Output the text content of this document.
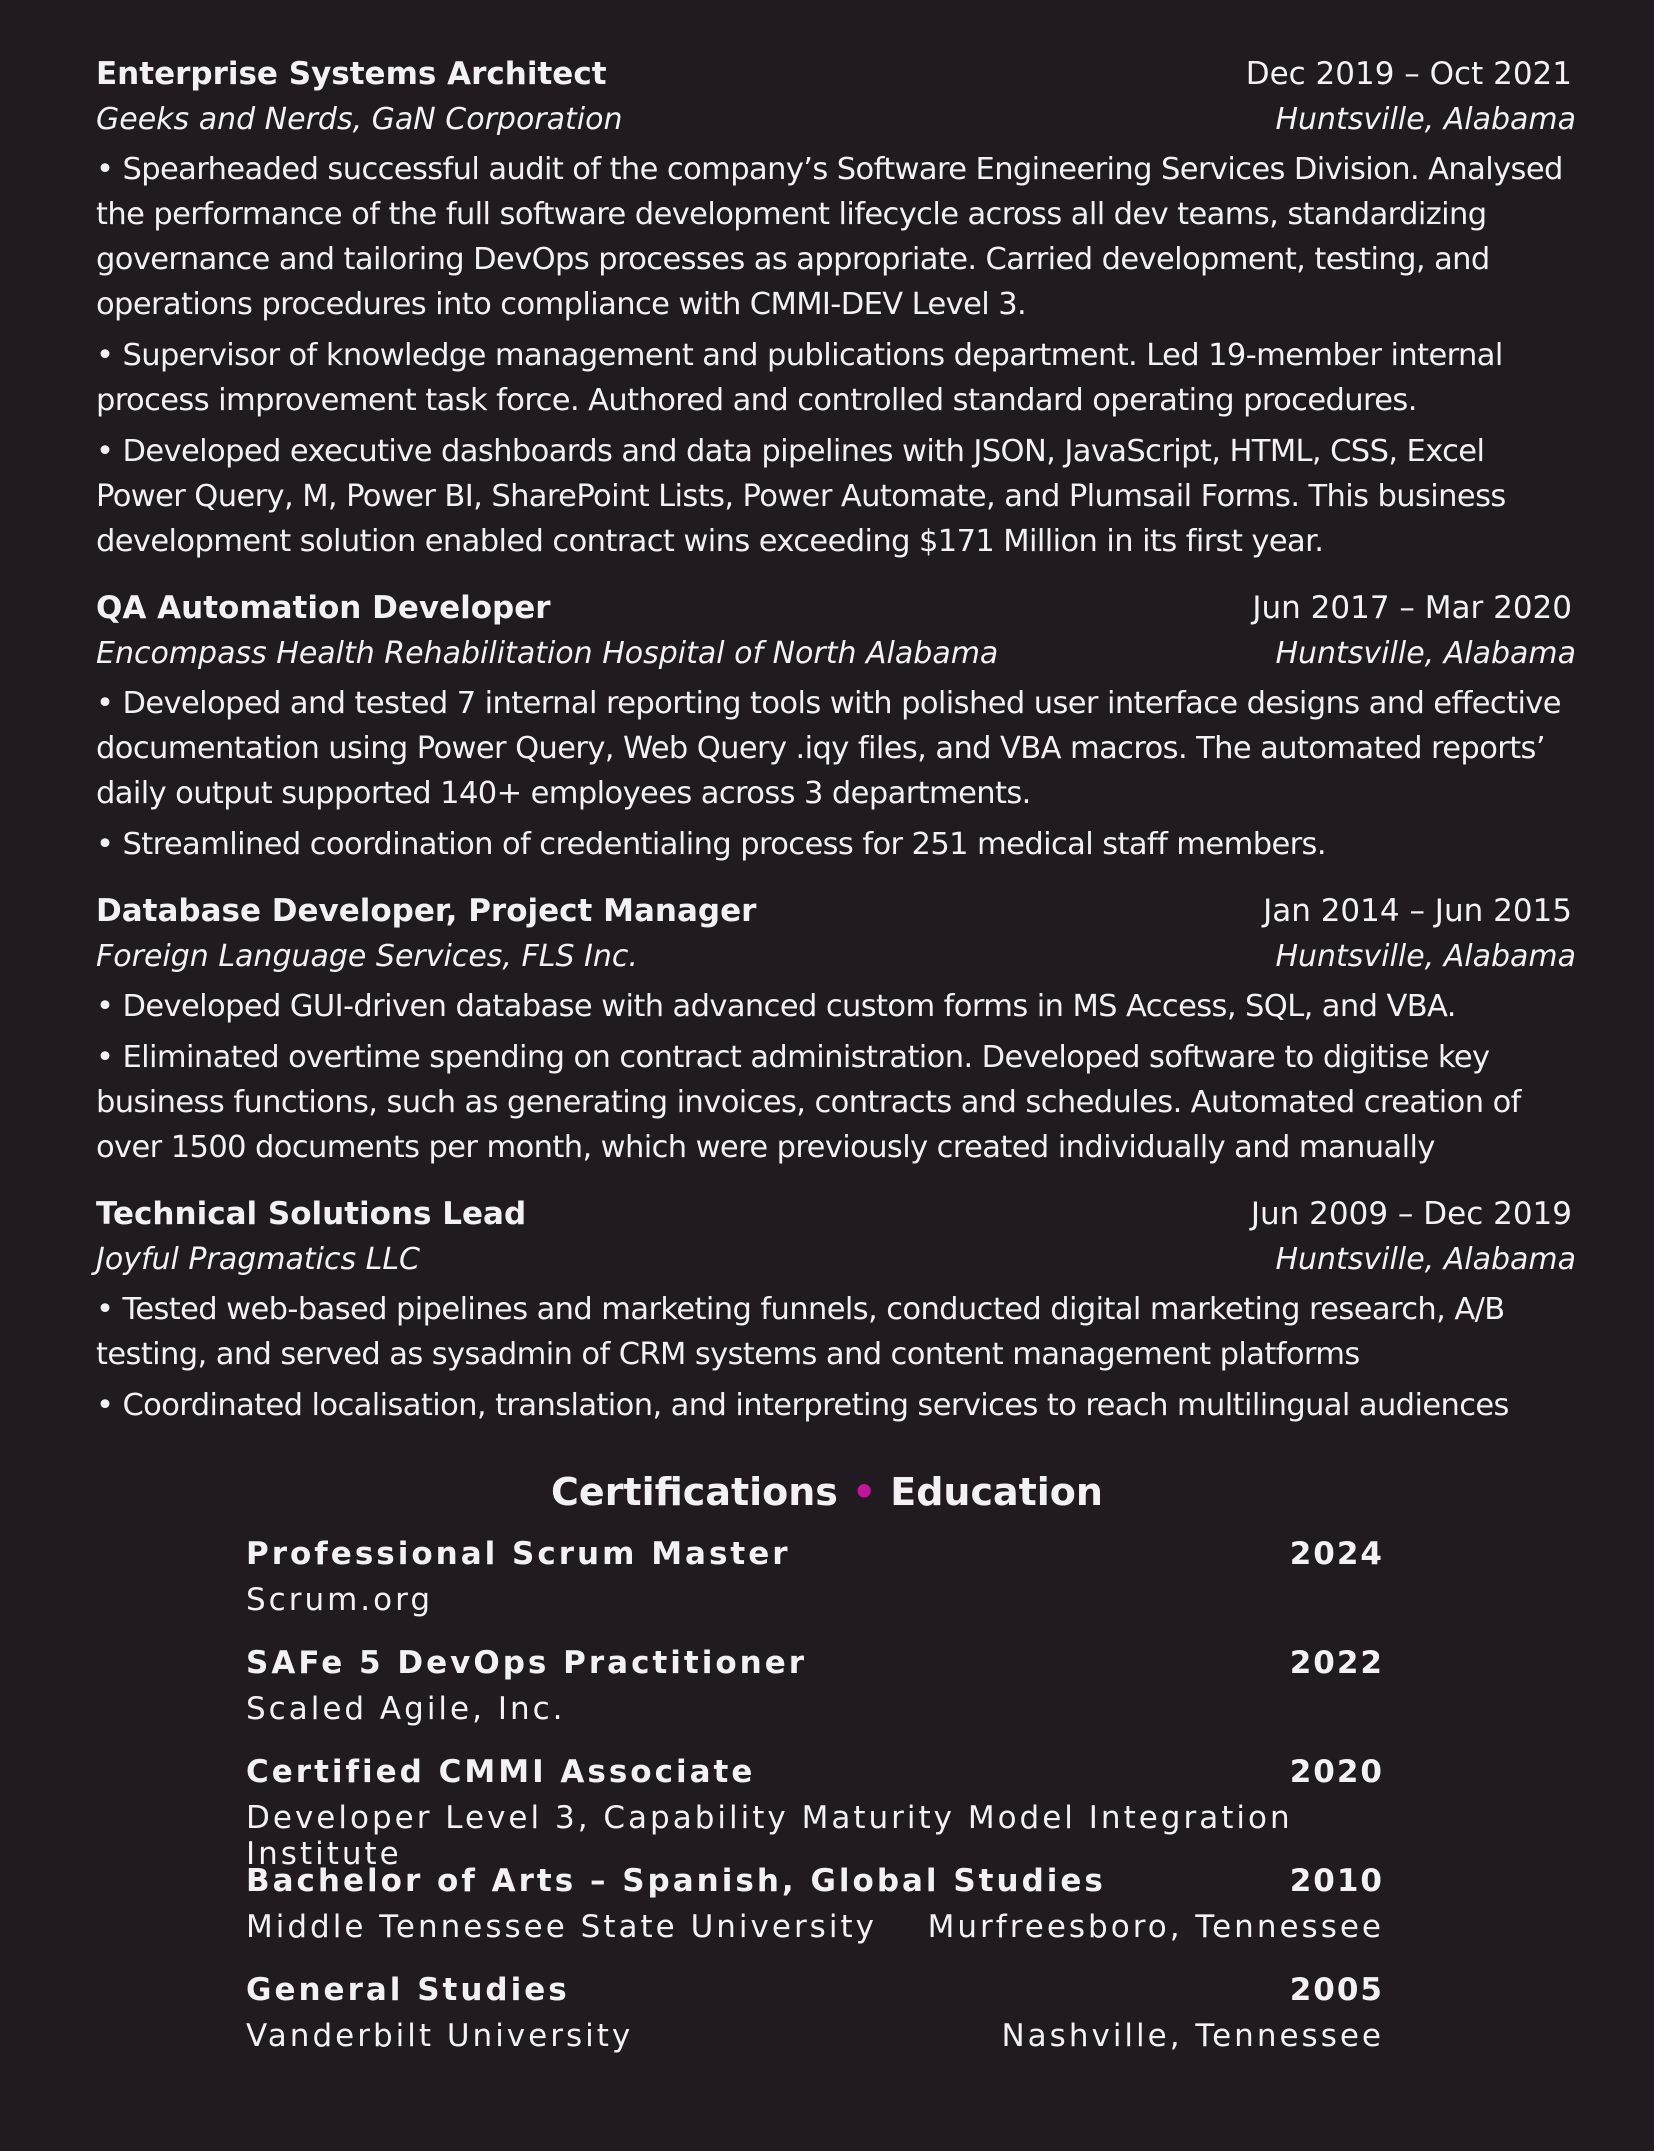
Enterprise Systems Architect	Dec 2019 – Oct 2021
Geeks and Nerds, GaN Corporation	Huntsville, Alabama
• Spearheaded successful audit of the company’s Software Engineering Services Division. Analysed the performance of the full software development lifecycle across all dev teams, standardizing governance and tailoring DevOps processes as appropriate. Carried development, testing, and operations procedures into compliance with CMMI-DEV Level 3.
• Supervisor of knowledge management and publications department. Led 19-member internal process improvement task force. Authored and controlled standard operating procedures.
• Developed executive dashboards and data pipelines with JSON, JavaScript, HTML, CSS, Excel Power Query, M, Power BI, SharePoint Lists, Power Automate, and Plumsail Forms. This business development solution enabled contract wins exceeding $171 Million in its first year.
QA Automation Developer	Jun 2017 – Mar 2020
Encompass Health Rehabilitation Hospital of North Alabama	Huntsville, Alabama
• Developed and tested 7 internal reporting tools with polished user interface designs and effective documentation using Power Query, Web Query .iqy files, and VBA macros. The automated reports’ daily output supported 140+ employees across 3 departments.
• Streamlined coordination of credentialing process for 251 medical staff members.
Database Developer, Project Manager	Jan 2014 – Jun 2015
Foreign Language Services, FLS Inc.	Huntsville, Alabama
• Developed GUI-driven database with advanced custom forms in MS Access, SQL, and VBA.
• Eliminated overtime spending on contract administration. Developed software to digitise key business functions, such as generating invoices, contracts and schedules. Automated creation of over 1500 documents per month, which were previously created individually and manually
Technical Solutions Lead	Jun 2009 – Dec 2019
Joyful Pragmatics LLC	Huntsville, Alabama
• Tested web-based pipelines and marketing funnels, conducted digital marketing research, A/B testing, and served as sysadmin of CRM systems and content management platforms
• Coordinated localisation, translation, and interpreting services to reach multilingual audiences
Certifications • Education
Professional Scrum Master	2024
Scrum.org
SAFe 5 DevOps Practitioner	2022
Scaled Agile, Inc.
Certified CMMI Associate	2020
Developer Level 3, Capability Maturity Model Integration Institute
Bachelor of Arts – Spanish, Global Studies	2010
Middle Tennessee State University Murfreesboro, Tennessee
General Studies	2005
Vanderbilt University	Nashville, Tennessee
